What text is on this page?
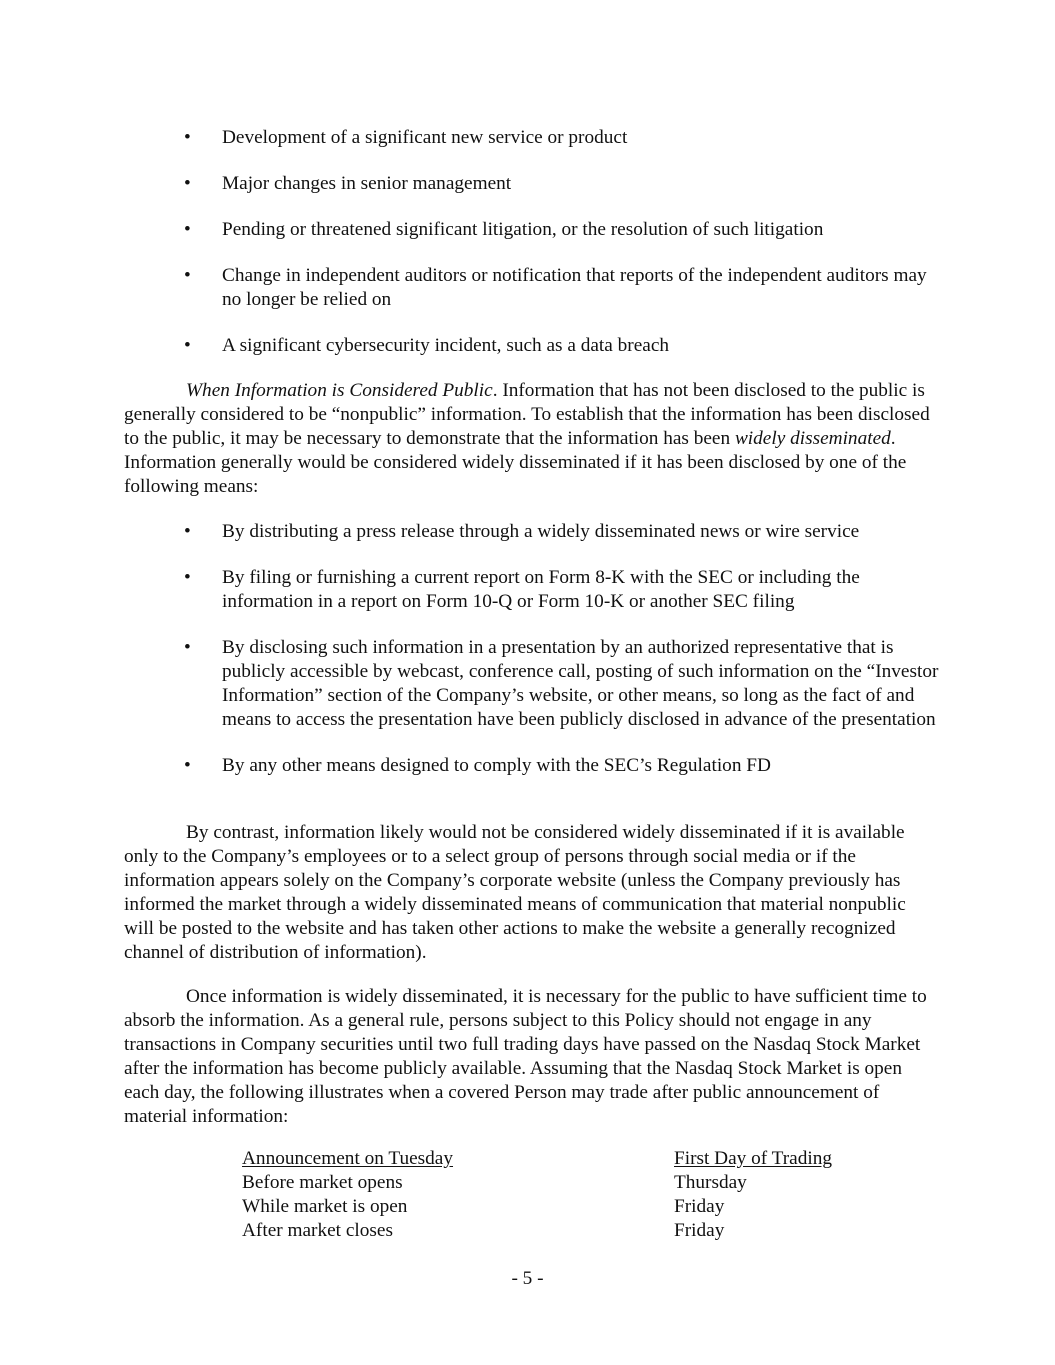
•	Development of a significant new service or product
•	Major changes in senior management
•	Pending or threatened significant litigation, or the resolution of such litigation
•	Change in independent auditors or notification that reports of the independent auditors may no longer be relied on
•	A significant cybersecurity incident, such as a data breach

When Information is Considered Public. Information that has not been disclosed to the public is generally considered to be “nonpublic” information. To establish that the information has been disclosed to the public, it may be necessary to demonstrate that the information has been widely disseminated. Information generally would be considered widely disseminated if it has been disclosed by one of the following means:

•	By distributing a press release through a widely disseminated news or wire service
•	By filing or furnishing a current report on Form 8-K with the SEC or including the information in a report on Form 10-Q or Form 10-K or another SEC filing
•	By disclosing such information in a presentation by an authorized representative that is publicly accessible by webcast, conference call, posting of such information on the “Investor Information” section of the Company’s website, or other means, so long as the fact of and means to access the presentation have been publicly disclosed in advance of the presentation
•	By any other means designed to comply with the SEC’s Regulation FD

By contrast, information likely would not be considered widely disseminated if it is available only to the Company’s employees or to a select group of persons through social media or if the information appears solely on the Company’s corporate website (unless the Company previously has informed the market through a widely disseminated means of communication that material nonpublic will be posted to the website and has taken other actions to make the website a generally recognized channel of distribution of information).

Once information is widely disseminated, it is necessary for the public to have sufficient time to absorb the information. As a general rule, persons subject to this Policy should not engage in any transactions in Company securities until two full trading days have passed on the Nasdaq Stock Market after the information has become publicly available. Assuming that the Nasdaq Stock Market is open each day, the following illustrates when a covered Person may trade after public announcement of material information:

Announcement on Tuesday	First Day of Trading
Before market opens	Thursday
While market is open	Friday
After market closes	Friday
- 5 -
